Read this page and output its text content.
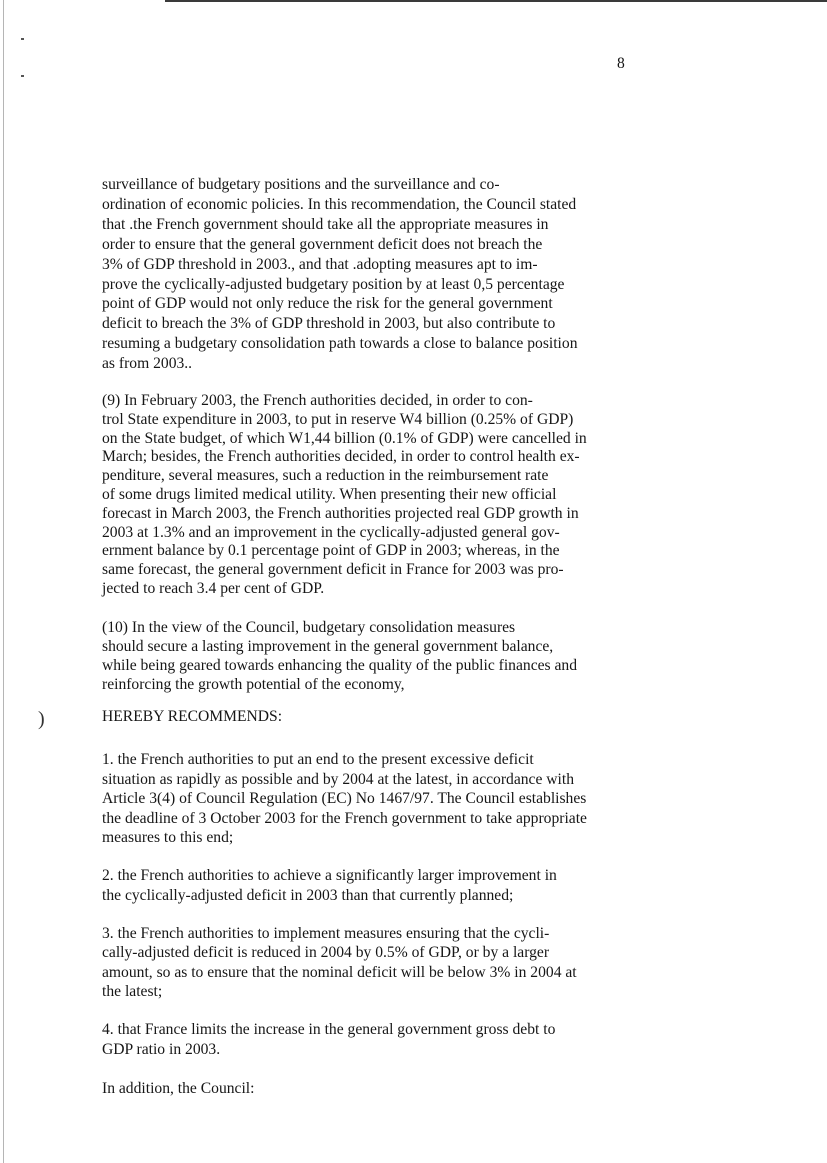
)
8
surveillance of budgetary positions and the surveillance and co-
ordination of economic policies. In this recommendation, the Council stated
that .the French government should take all the appropriate measures in
order to ensure that the general government deficit does not breach the
3% of GDP threshold in 2003., and that .adopting measures apt to im-
prove the cyclically-adjusted budgetary position by at least 0,5 percentage
point of GDP would not only reduce the risk for the general government
deficit to breach the 3% of GDP threshold in 2003, but also contribute to
resuming a budgetary consolidation path towards a close to balance position
as from 2003..
(9) In February 2003, the French authorities decided, in order to con-
trol State expenditure in 2003, to put in reserve W4 billion (0.25% of GDP)
on the State budget, of which W1,44 billion (0.1% of GDP) were cancelled in
March; besides, the French authorities decided, in order to control health ex-
penditure, several measures, such a reduction in the reimbursement rate
of some drugs limited medical utility. When presenting their new official
forecast in March 2003, the French authorities projected real GDP growth in
2003 at 1.3% and an improvement in the cyclically-adjusted general gov-
ernment balance by 0.1 percentage point of GDP in 2003; whereas, in the
same forecast, the general government deficit in France for 2003 was pro-
jected to reach 3.4 per cent of GDP.
(10) In the view of the Council, budgetary consolidation measures
should secure a lasting improvement in the general government balance,
while being geared towards enhancing the quality of the public finances and
reinforcing the growth potential of the economy,
HEREBY RECOMMENDS:
1. the French authorities to put an end to the present excessive deficit
situation as rapidly as possible and by 2004 at the latest, in accordance with
Article 3(4) of Council Regulation (EC) No 1467/97. The Council establishes
the deadline of 3 October 2003 for the French government to take appropriate
measures to this end;
2. the French authorities to achieve a significantly larger improvement in
the cyclically-adjusted deficit in 2003 than that currently planned;
3. the French authorities to implement measures ensuring that the cycli-
cally-adjusted deficit is reduced in 2004 by 0.5% of GDP, or by a larger
amount, so as to ensure that the nominal deficit will be below 3% in 2004 at
the latest;
4. that France limits the increase in the general government gross debt to
GDP ratio in 2003.
In addition, the Council:
